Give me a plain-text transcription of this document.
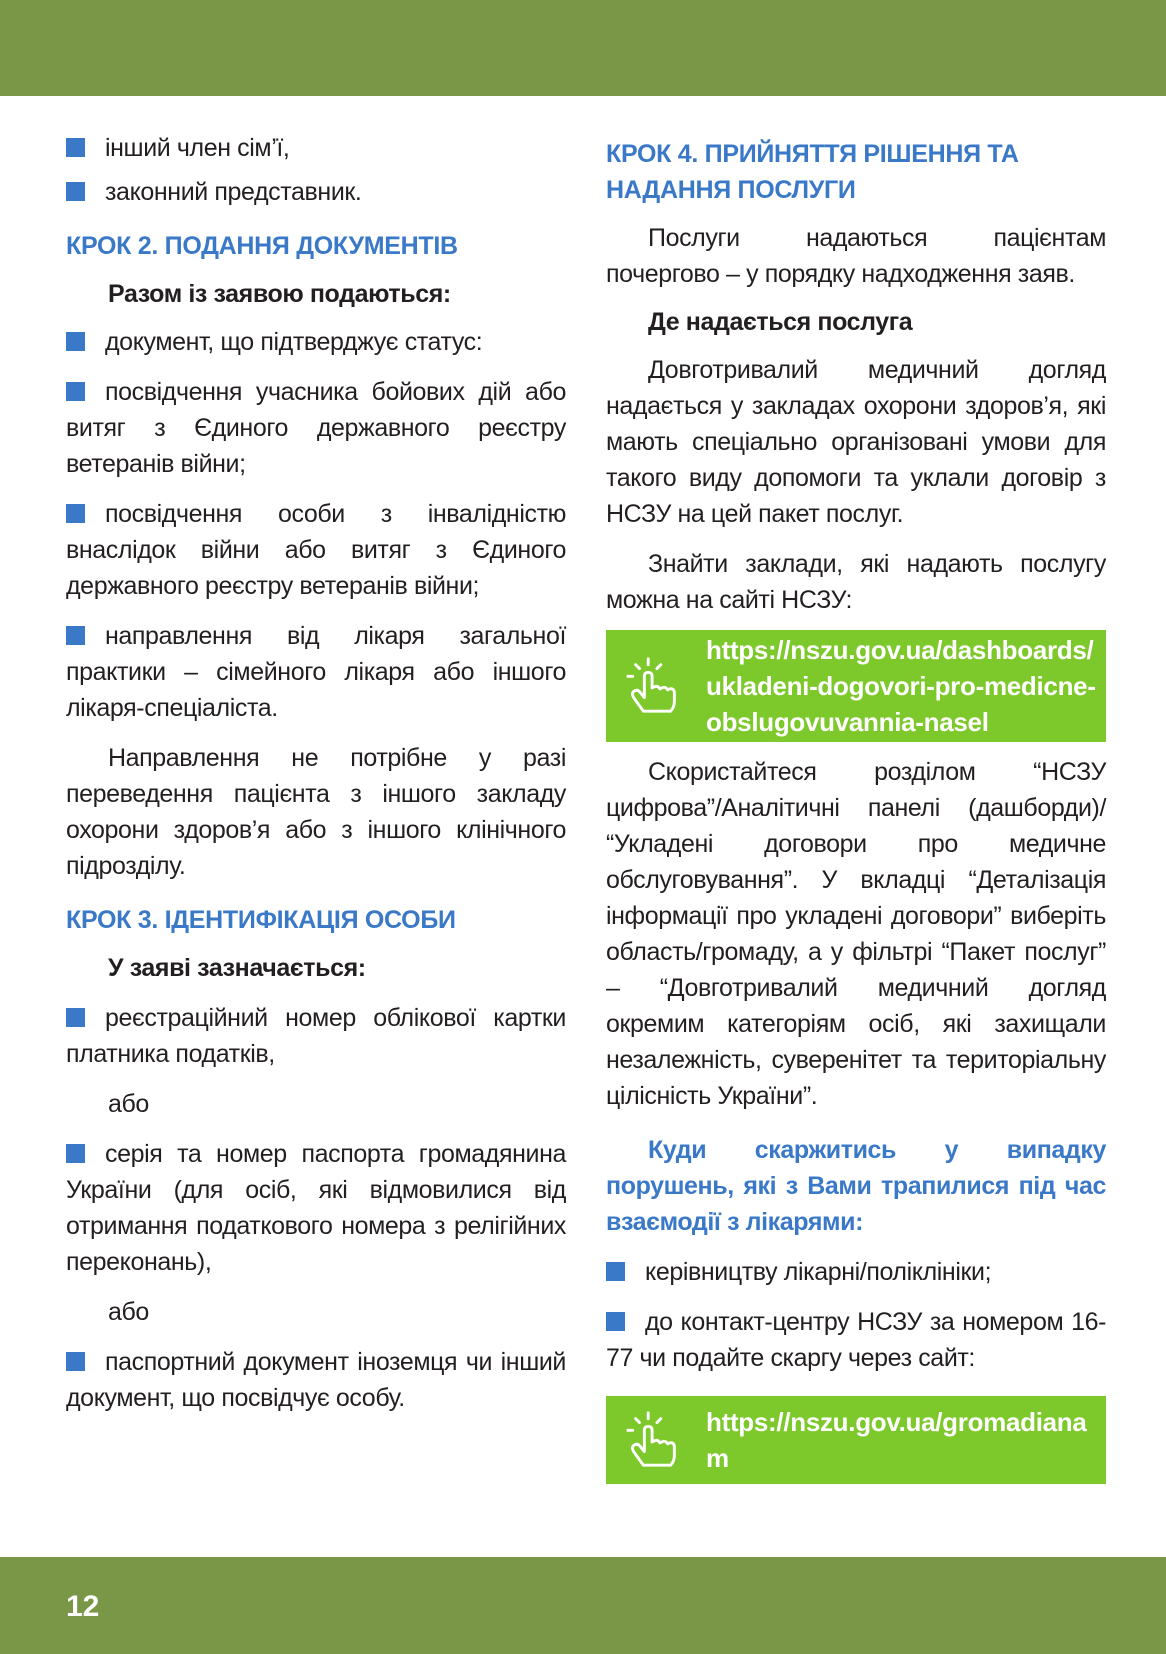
інший член сім’ї,

законний представник.

КРОК 2. ПОДАННЯ ДОКУМЕНТІВ

Разом із заявою подаються:

документ, що підтверджує статус:

посвідчення учасника бойових дій або витяг з Єдиного державного реєстру ветеранів війни;

посвідчення особи з інвалідністю внаслідок війни або витяг з Єдиного державного реєстру ветеранів війни;

направлення від лікаря загальної практики – сімейного лікаря або іншого лікаря-спеціаліста.

Направлення не потрібне у разі переведення пацієнта з іншого закладу охорони здоров’я або з іншого клінічного підрозділу.

КРОК 3. ІДЕНТИФІКАЦІЯ ОСОБИ

У заяві зазначається:

реєстраційний номер облікової картки платника податків,

або

серія та номер паспорта громадянина України (для осіб, які відмовилися від отримання податкового номера з релігійних переконань),

або

паспортний документ іноземця чи інший документ, що посвідчує особу.

КРОК 4. ПРИЙНЯТТЯ РІШЕННЯ ТА НАДАННЯ ПОСЛУГИ

Послуги надаються пацієнтам почергово – у порядку надходження заяв.

Де надається послуга

Довготривалий медичний догляд надається у закладах охорони здоров’я, які мають спеціально організовані умови для такого виду допомоги та уклали договір з НСЗУ на цей пакет послуг.

Знайти заклади, які надають послугу можна на сайті НСЗУ:

https://nszu.gov.ua/dashboards/ukladeni-dogovori-pro-medicne-obslugovuvannia-nasel

Скористайтеся розділом “НСЗУ цифрова”/Аналітичні панелі (дашборди)/ “Укладені договори про медичне обслуговування”. У вкладці “Деталізація інформації про укладені договори” виберіть область/громаду, а у фільтрі “Пакет послуг” – “Довготривалий медичний догляд окремим категоріям осіб, які захищали незалежність, суверенітет та територіальну цілісність України”.

Куди скаржитись у випадку порушень, які з Вами трапилися під час взаємодії з лікарями:

керівництву лікарні/поліклініки;

до контакт-центру НСЗУ за номером 16-77 чи подайте скаргу через сайт:

https://nszu.gov.ua/gromadianam
12
